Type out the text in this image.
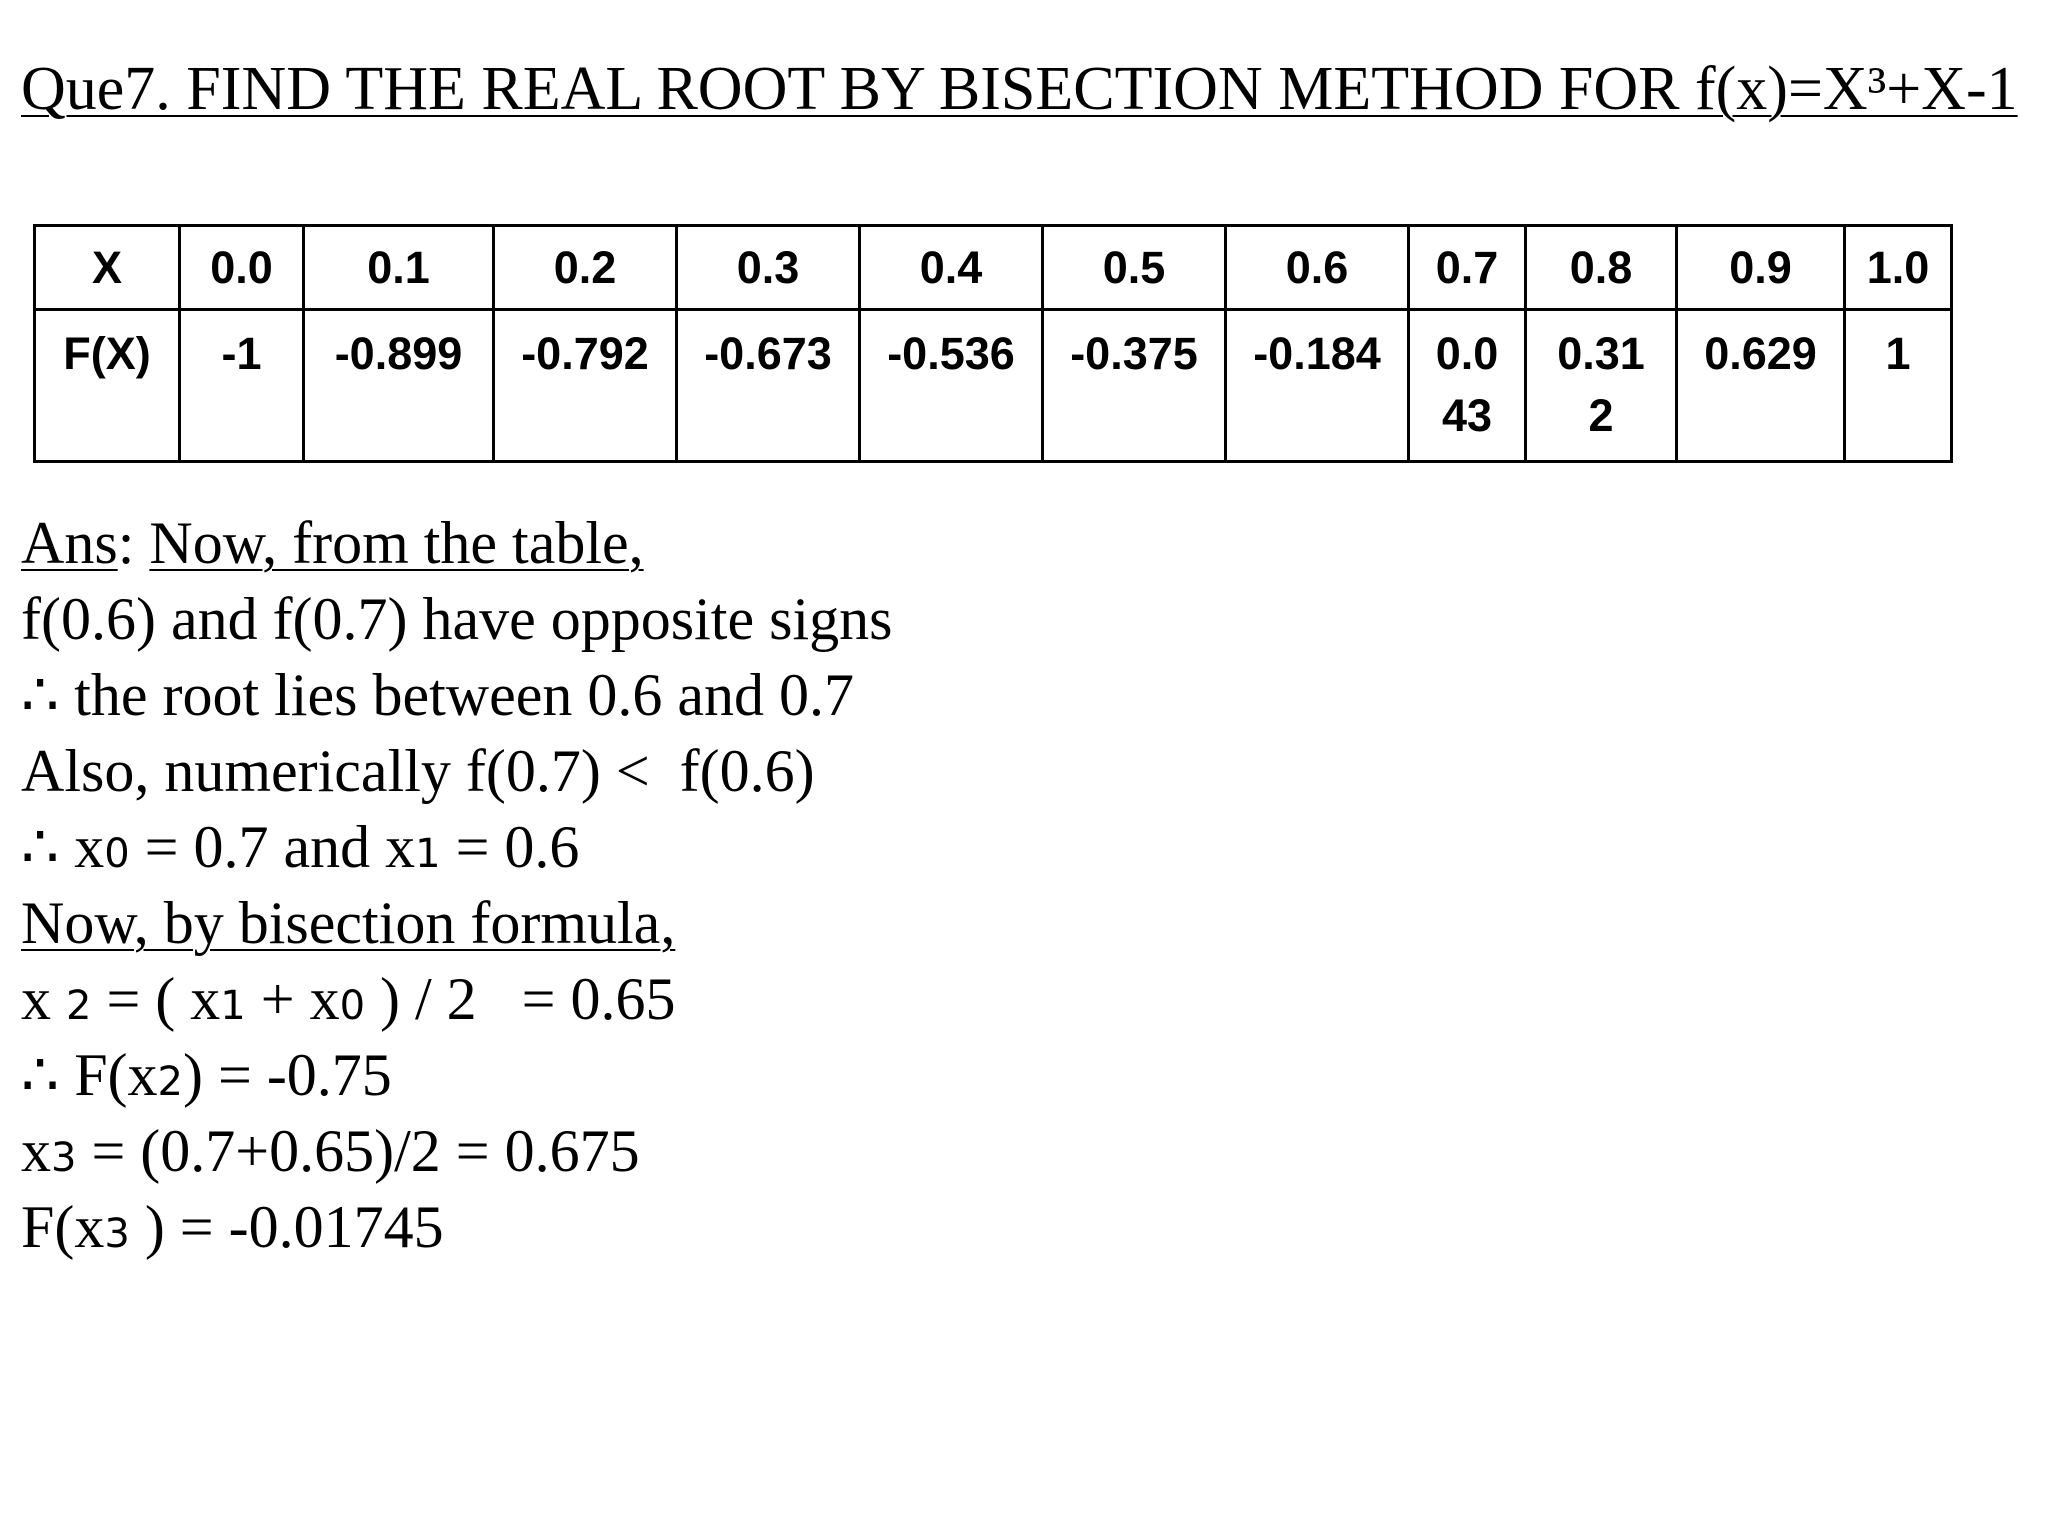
Que7. FIND THE REAL ROOT BY BISECTION METHOD FOR f(x)=X³+X-1
X	0.0	0.1	0.2	0.3	0.4	0.5	0.6	0.7	0.8	0.9	1.0
F(X)	-1	-0.899	-0.792	-0.673	-0.536	-0.375	-0.184	0.043	0.312	0.629	1
Ans: Now, from the table,
f(0.6) and f(0.7) have opposite signs
∴ the root lies between 0.6 and 0.7
Also, numerically f(0.7) <  f(0.6)
∴ x0 = 0.7 and x1 = 0.6
Now, by bisection formula,
x 2 = ( x1 + x0 ) / 2   = 0.65
∴ F(x2) = -0.75
x3 = (0.7+0.65)/2 = 0.675
F(x3 ) = -0.01745
